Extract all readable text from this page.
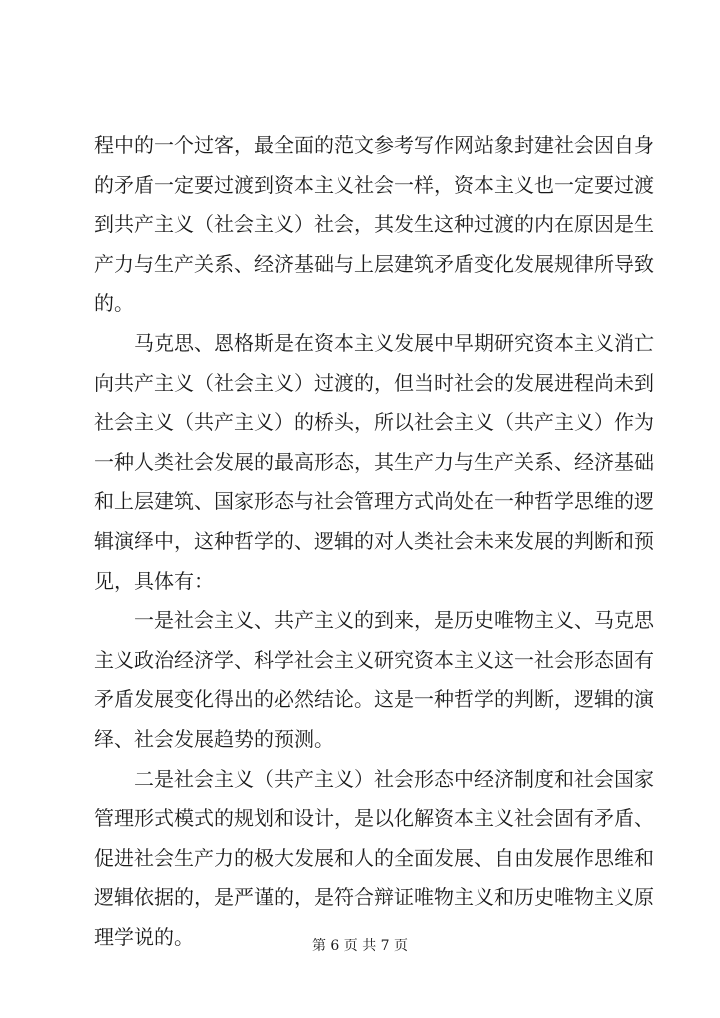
程中的一个过客，最全面的范文参考写作网站象封建社会因自身
的矛盾一定要过渡到资本主义社会一样，资本主义也一定要过渡
到共产主义（社会主义）社会，其发生这种过渡的内在原因是生
产力与生产关系、经济基础与上层建筑矛盾变化发展规律所导致
的。
马克思、恩格斯是在资本主义发展中早期研究资本主义消亡
向共产主义（社会主义）过渡的，但当时社会的发展进程尚未到
社会主义（共产主义）的桥头，所以社会主义（共产主义）作为
一种人类社会发展的最高形态，其生产力与生产关系、经济基础
和上层建筑、国家形态与社会管理方式尚处在一种哲学思维的逻
辑演绎中，这种哲学的、逻辑的对人类社会未来发展的判断和预
见，具体有：
一是社会主义、共产主义的到来，是历史唯物主义、马克思
主义政治经济学、科学社会主义研究资本主义这一社会形态固有
矛盾发展变化得出的必然结论。这是一种哲学的判断，逻辑的演
绎、社会发展趋势的预测。
二是社会主义（共产主义）社会形态中经济制度和社会国家
管理形式模式的规划和设计，是以化解资本主义社会固有矛盾、
促进社会生产力的极大发展和人的全面发展、自由发展作思维和
逻辑依据的，是严谨的，是符合辩证唯物主义和历史唯物主义原
理学说的。	第 6 页 共 7 页
